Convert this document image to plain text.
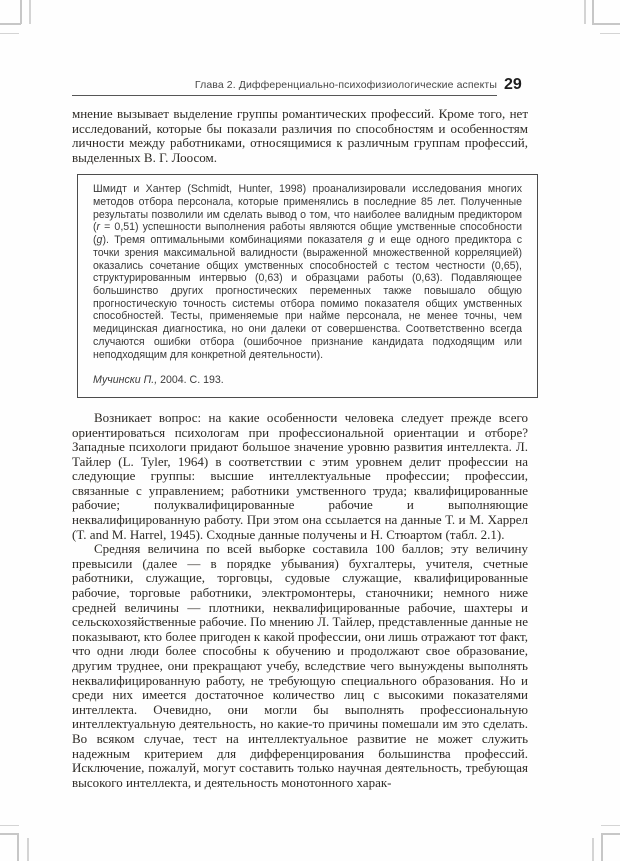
Глава 2. Дифференциально-психофизиологические аспекты 29

мнение вызывает выделение группы романтических профессий. Кроме того, нет исследований, которые бы показали различия по способностям и особенностям личности между работниками, относящимися к различным группам профессий, выделенных В. Г. Лоосом.

Шмидт и Хантер (Schmidt, Hunter, 1998) проанализировали исследования многих методов отбора персонала, которые применялись в последние 85 лет. Полученные результаты позволили им сделать вывод о том, что наиболее валидным предиктором (r = 0,51) успешности выполнения работы являются общие умственные способности (g). Тремя оптимальными комбинациями показателя g и еще одного предиктора с точки зрения максимальной валидности (выраженной множественной корреляцией) оказались сочетание общих умственных способностей с тестом честности (0,65), структурированным интервью (0,63) и образцами работы (0,63). Подавляющее большинство других прогностических переменных также повышало общую прогностическую точность системы отбора помимо показателя общих умственных способностей. Тесты, применяемые при найме персонала, не менее точны, чем медицинская диагностика, но они далеки от совершенства. Соответственно всегда случаются ошибки отбора (ошибочное признание кандидата подходящим или неподходящим для конкретной деятельности).

Мучински П., 2004. С. 193.

Возникает вопрос: на какие особенности человека следует прежде всего ориентироваться психологам при профессиональной ориентации и отборе? Западные психологи придают большое значение уровню развития интеллекта. Л. Тайлер (L. Tyler, 1964) в соответствии с этим уровнем делит профессии на следующие группы: высшие интеллектуальные профессии; профессии, связанные с управлением; работники умственного труда; квалифицированные рабочие; полуквалифицированные рабочие и выполняющие неквалифицированную работу. При этом она ссылается на данные Т. и М. Харрел (T. and M. Harrel, 1945). Сходные данные получены и Н. Стюартом (табл. 2.1).

Средняя величина по всей выборке составила 100 баллов; эту величину превысили (далее — в порядке убывания) бухгалтеры, учителя, счетные работники, служащие, торговцы, судовые служащие, квалифицированные рабочие, торговые работники, электромонтеры, станочники; немного ниже средней величины — плотники, неквалифицированные рабочие, шахтеры и сельскохозяйственные рабочие. По мнению Л. Тайлер, представленные данные не показывают, кто более пригоден к какой профессии, они лишь отражают тот факт, что одни люди более способны к обучению и продолжают свое образование, другим труднее, они прекращают учебу, вследствие чего вынуждены выполнять неквалифицированную работу, не требующую специального образования. Но и среди них имеется достаточное количество лиц с высокими показателями интеллекта. Очевидно, они могли бы выполнять профессиональную интеллектуальную деятельность, но какие-то причины помешали им это сделать. Во всяком случае, тест на интеллектуальное развитие не может служить надежным критерием для дифференцирования большинства профессий. Исключение, пожалуй, могут составить только научная деятельность, требующая высокого интеллекта, и деятельность монотонного харак-
